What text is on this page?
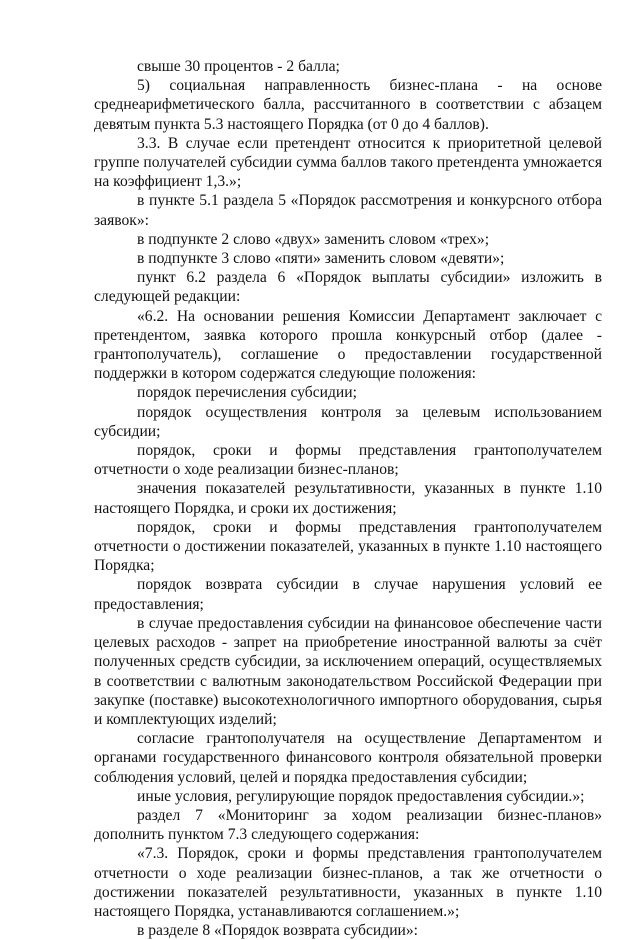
свыше 30 процентов - 2 балла;

5) социальная направленность бизнес-плана - на основе среднеарифметического балла, рассчитанного в соответствии с абзацем девятым пункта 5.3 настоящего Порядка (от 0 до 4 баллов).

3.3. В случае если претендент относится к приоритетной целевой группе получателей субсидии сумма баллов такого претендента умножается на коэффициент 1,3.»;

в пункте 5.1 раздела 5 «Порядок рассмотрения и конкурсного отбора заявок»:

в подпункте 2 слово «двух» заменить словом «трех»;

в подпункте 3 слово «пяти» заменить словом «девяти»;

пункт 6.2 раздела 6 «Порядок выплаты субсидии» изложить в следующей редакции:

«6.2. На основании решения Комиссии Департамент заключает с претендентом, заявка которого прошла конкурсный отбор (далее - грантополучатель), соглашение о предоставлении государственной поддержки в котором содержатся следующие положения:

порядок перечисления субсидии;

порядок осуществления контроля за целевым использованием субсидии;

порядок, сроки и формы представления грантополучателем отчетности о ходе реализации бизнес-планов;

значения показателей результативности, указанных в пункте 1.10 настоящего Порядка, и сроки их достижения;

порядок, сроки и формы представления грантополучателем отчетности о достижении показателей, указанных в пункте 1.10 настоящего Порядка;

порядок возврата субсидии в случае нарушения условий ее предоставления;

в случае предоставления субсидии на финансовое обеспечение части целевых расходов - запрет на приобретение иностранной валюты за счёт полученных средств субсидии, за исключением операций, осуществляемых в соответствии с валютным законодательством Российской Федерации при закупке (поставке) высокотехнологичного импортного оборудования, сырья и комплектующих изделий;

согласие грантополучателя на осуществление Департаментом и органами государственного финансового контроля обязательной проверки соблюдения условий, целей и порядка предоставления субсидии;

иные условия, регулирующие порядок предоставления субсидии.»;

раздел 7 «Мониторинг за ходом реализации бизнес-планов» дополнить пунктом 7.3 следующего содержания:

«7.3. Порядок, сроки и формы представления грантополучателем отчетности о ходе реализации бизнес-планов, а так же отчетности о достижении показателей результативности, указанных в пункте 1.10 настоящего Порядка, устанавливаются соглашением.»;

в разделе 8 «Порядок возврата субсидии»:
